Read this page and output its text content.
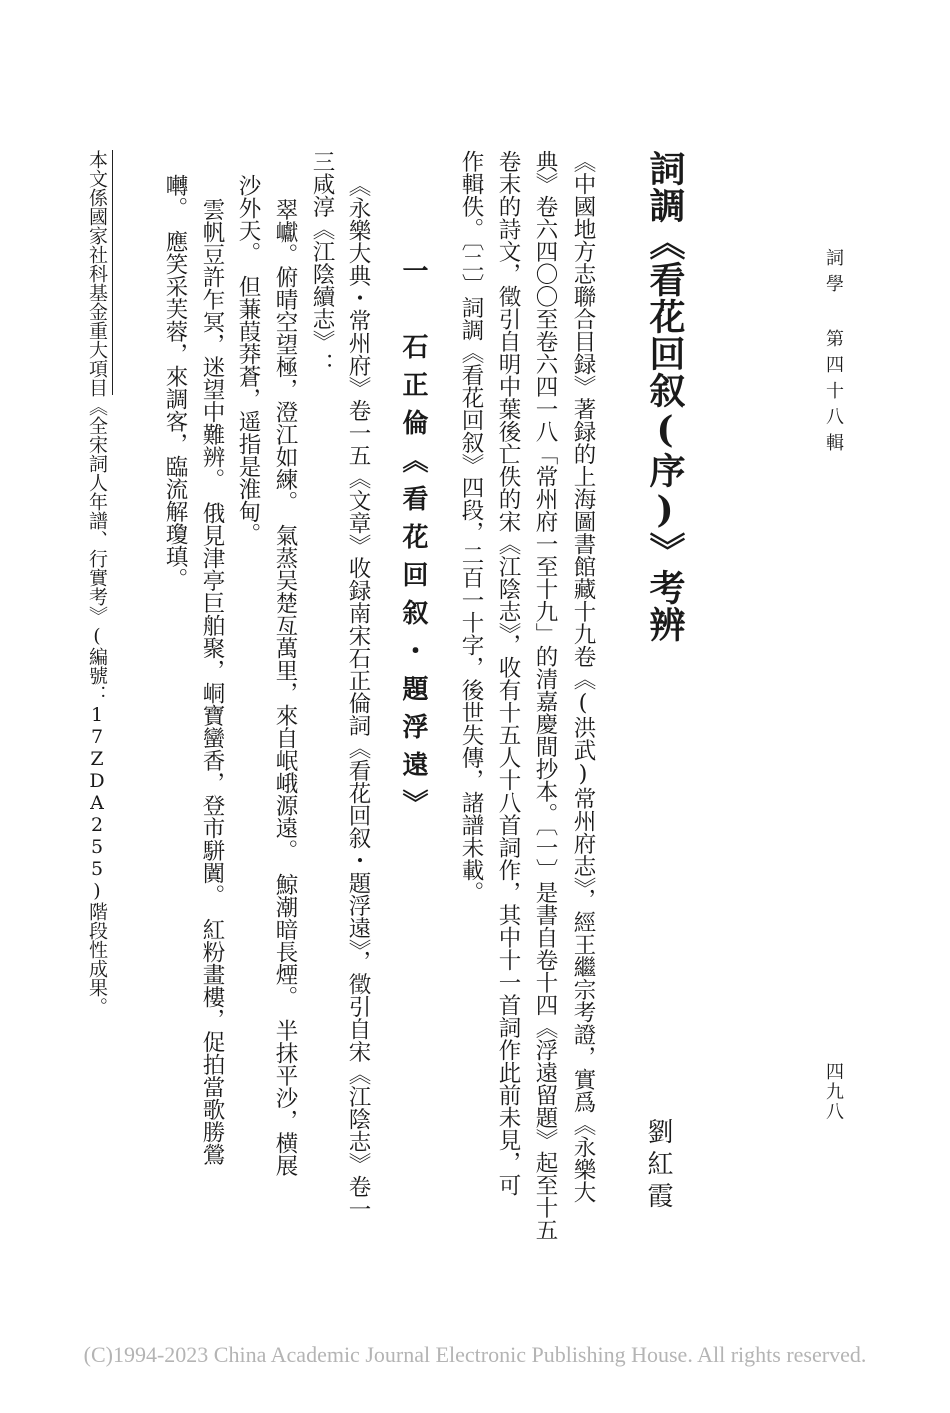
詞學 第四十八輯

四九八

詞調《看花回叙(序)》考辨

劉紅霞

《中國地方志聯合目録》著録的上海圖書館藏十九卷《(洪武)常州府志》，經王繼宗考證，實爲《永樂大

典》卷六四〇〇至卷六四一八「常州府一至十九」的清嘉慶間抄本。〔一〕是書自卷十四《浮遠留題》起至十五

卷末的詩文，徵引自明中葉後亡佚的宋《江陰志》，收有十五人十八首詞作，其中十一首詞作此前未見，可

作輯佚。〔二〕詞調《看花回叙》四段，二百一十字，後世失傳，諸譜未載。

一　石正倫《看花回叙・題浮遠》

《永樂大典・常州府》卷一五《文章》收録南宋石正倫詞《看花回叙・題浮遠》，徵引自宋《江陰志》卷一

三咸淳《江陰續志》：

翠巘。俯晴空望極，澄江如練。　氣蒸吴楚亙萬里，來自岷峨源遠。　鯨潮暗長煙。　半抹平沙，横展

沙外天。　但蒹葭莽蒼，遥指是淮甸。

雲帆豆許乍冥，迷望中難辨。　俄見津亭巨舶聚，峒寶蠻香，登市駢闐。　紅粉畫樓，促拍當歌勝鶯

囀。　應笑采芙蓉，來調客，臨流解瓊瑱。

本文係國家社科基金重大項目《全宋詞人年譜、行實考》(編號：17ZDA255)階段性成果。

(C)1994-2023 China Academic Journal Electronic Publishing House. All rights reserved.
